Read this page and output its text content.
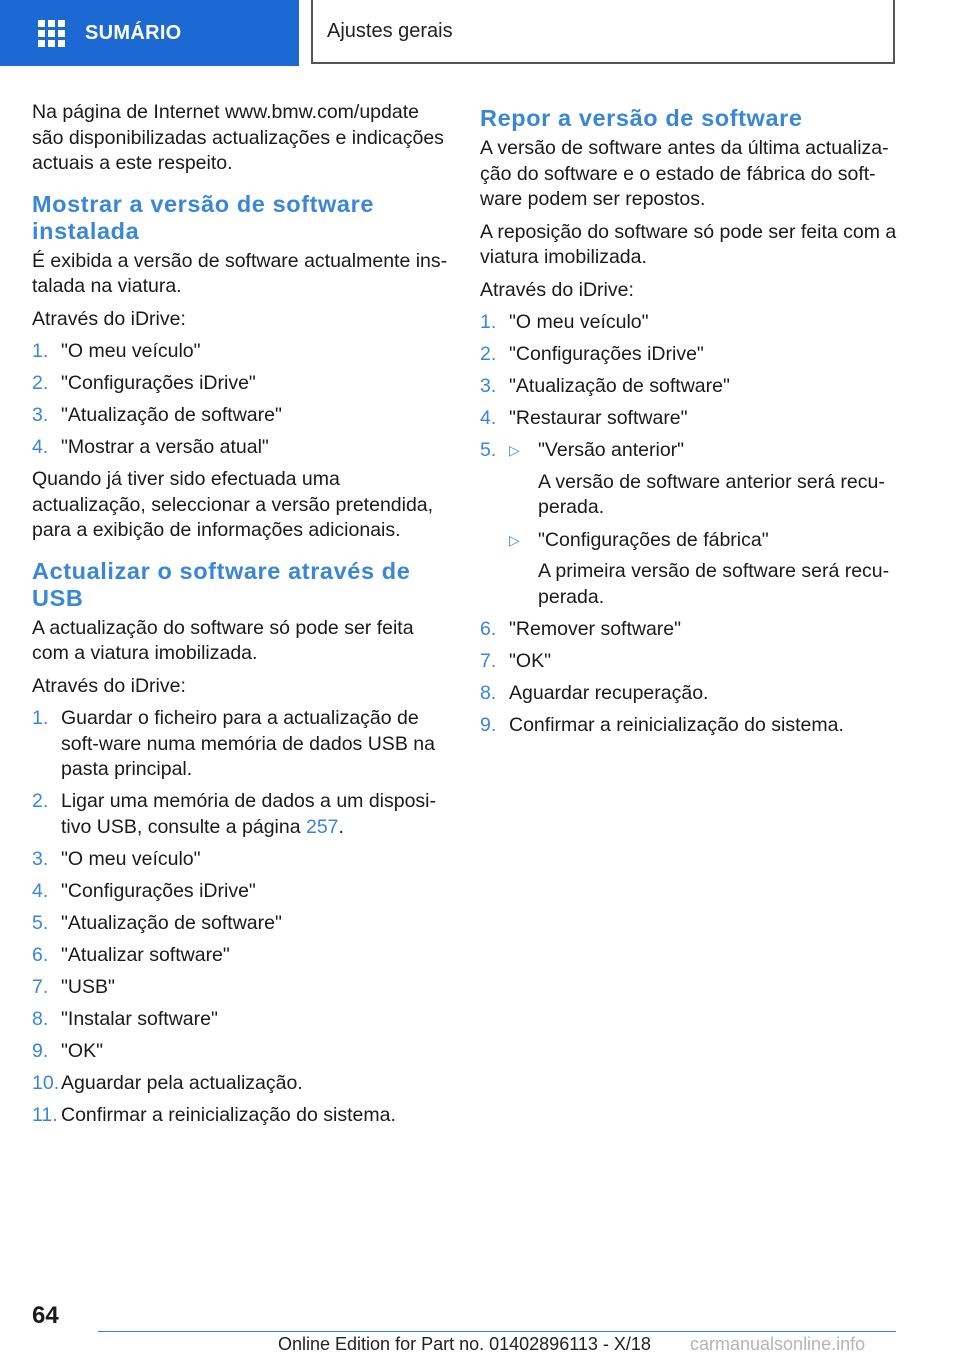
SUMÁRIO	Ajustes gerais

Na página de Internet www.bmw.com/update são disponibilizadas actualizações e indicações actuais a este respeito.

Mostrar a versão de software instalada

É exibida a versão de software actualmente ins-talada na viatura.

Através do iDrive:

1. "O meu veículo"
2. "Configurações iDrive"
3. "Atualização de software"
4. "Mostrar a versão atual"

Quando já tiver sido efectuada uma actualização, seleccionar a versão pretendida, para a exibição de informações adicionais.

Actualizar o software através de USB

A actualização do software só pode ser feita com a viatura imobilizada.

Através do iDrive:

1. Guardar o ficheiro para a actualização de soft-ware numa memória de dados USB na pasta principal.
2. Ligar uma memória de dados a um disposi-tivo USB, consulte a página 257.
3. "O meu veículo"
4. "Configurações iDrive"
5. "Atualização de software"
6. "Atualizar software"
7. "USB"
8. "Instalar software"
9. "OK"
10. Aguardar pela actualização.
11. Confirmar a reinicialização do sistema.
Repor a versão de software

A versão de software antes da última actualiza-ção do software e o estado de fábrica do soft-ware podem ser repostos.

A reposição do software só pode ser feita com a viatura imobilizada.

Através do iDrive:

1. "O meu veículo"
2. "Configurações iDrive"
3. "Atualização de software"
4. "Restaurar software"
5. ▷ "Versão anterior"
A versão de software anterior será recu-perada.
▷ "Configurações de fábrica"
A primeira versão de software será recu-perada.
6. "Remover software"
7. "OK"
8. Aguardar recuperação.
9. Confirmar a reinicialização do sistema.
64
Online Edition for Part no. 01402896113 - X/18 carmanualsonline.info
